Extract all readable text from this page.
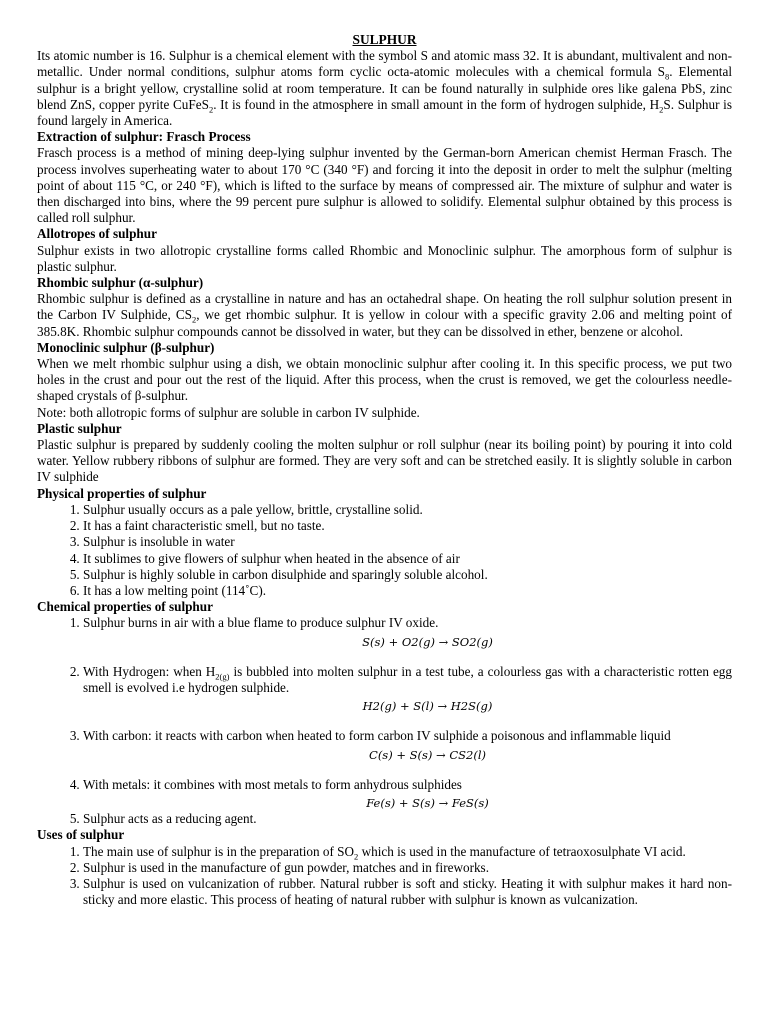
SULPHUR

Its atomic number is 16. Sulphur is a chemical element with the symbol S and atomic mass 32. It is abundant, multivalent and non-metallic. Under normal conditions, sulphur atoms form cyclic octa-atomic molecules with a chemical formula $S_8$. Elemental sulphur is a bright yellow, crystalline solid at room temperature. It can be found naturally in sulphide ores like galena PbS, zinc blend ZnS, copper pyrite CuFeS$_2$. It is found in the atmosphere in small amount in the form of hydrogen sulphide, $H_2S$. Sulphur is found largely in America.

Extraction of sulphur: Frasch Process

Frasch process is a method of mining deep-lying sulphur invented by the German-born American chemist Herman Frasch. The process involves superheating water to about 170 °C (340 °F) and forcing it into the deposit in order to melt the sulphur (melting point of about 115 °C, or 240 °F), which is lifted to the surface by means of compressed air. The mixture of sulphur and water is then discharged into bins, where the 99 percent pure sulphur is allowed to solidify. Elemental sulphur obtained by this process is called roll sulphur.

Allotropes of sulphur

Sulphur exists in two allotropic crystalline forms called Rhombic and Monoclinic sulphur. The amorphous form of sulphur is plastic sulphur.

Rhombic sulphur (α-sulphur)

Rhombic sulphur is defined as a crystalline in nature and has an octahedral shape. On heating the roll sulphur solution present in the Carbon IV Sulphide, $CS_2$, we get rhombic sulphur. It is yellow in colour with a specific gravity 2.06 and melting point of 385.8K. Rhombic sulphur compounds cannot be dissolved in water, but they can be dissolved in ether, benzene or alcohol.

Monoclinic sulphur (β-sulphur)

When we melt rhombic sulphur using a dish, we obtain monoclinic sulphur after cooling it. In this specific process, we put two holes in the crust and pour out the rest of the liquid. After this process, when the crust is removed, we get the colourless needle-shaped crystals of β-sulphur.

Note: both allotropic forms of sulphur are soluble in carbon IV sulphide.

Plastic sulphur

Plastic sulphur is prepared by suddenly cooling the molten sulphur or roll sulphur (near its boiling point) by pouring it into cold water. Yellow rubbery ribbons of sulphur are formed. They are very soft and can be stretched easily. It is slightly soluble in carbon IV sulphide

Physical properties of sulphur
1. Sulphur usually occurs as a pale yellow, brittle, crystalline solid.
2. It has a faint characteristic smell, but no taste.
3. Sulphur is insoluble in water
4. It sublimes to give flowers of sulphur when heated in the absence of air
5. Sulphur is highly soluble in carbon disulphide and sparingly soluble alcohol.
6. It has a low melting point (114˚C).
Chemical properties of sulphur
1. Sulphur burns in air with a blue flame to produce sulphur IV oxide.
S(s) + O2(g) → SO2(g)
2. With Hydrogen: when $H_{2(g)}$ is bubbled into molten sulphur in a test tube, a colourless gas with a characteristic rotten egg smell is evolved i.e hydrogen sulphide.
H2(g) + S(l) → H2S(g)
3. With carbon: it reacts with carbon when heated to form carbon IV sulphide a poisonous and inflammable liquid
C(s) + S(s) → CS2(l)
4. With metals: it combines with most metals to form anhydrous sulphides
Fe(s) + S(s) → FeS(s)
5. Sulphur acts as a reducing agent.
Uses of sulphur
1. The main use of sulphur is in the preparation of $SO_2$ which is used in the manufacture of tetraoxosulphate VI acid.
2. Sulphur is used in the manufacture of gun powder, matches and in fireworks.
3. Sulphur is used on vulcanization of rubber. Natural rubber is soft and sticky. Heating it with sulphur makes it hard non-sticky and more elastic. This process of heating of natural rubber with sulphur is known as vulcanization.
